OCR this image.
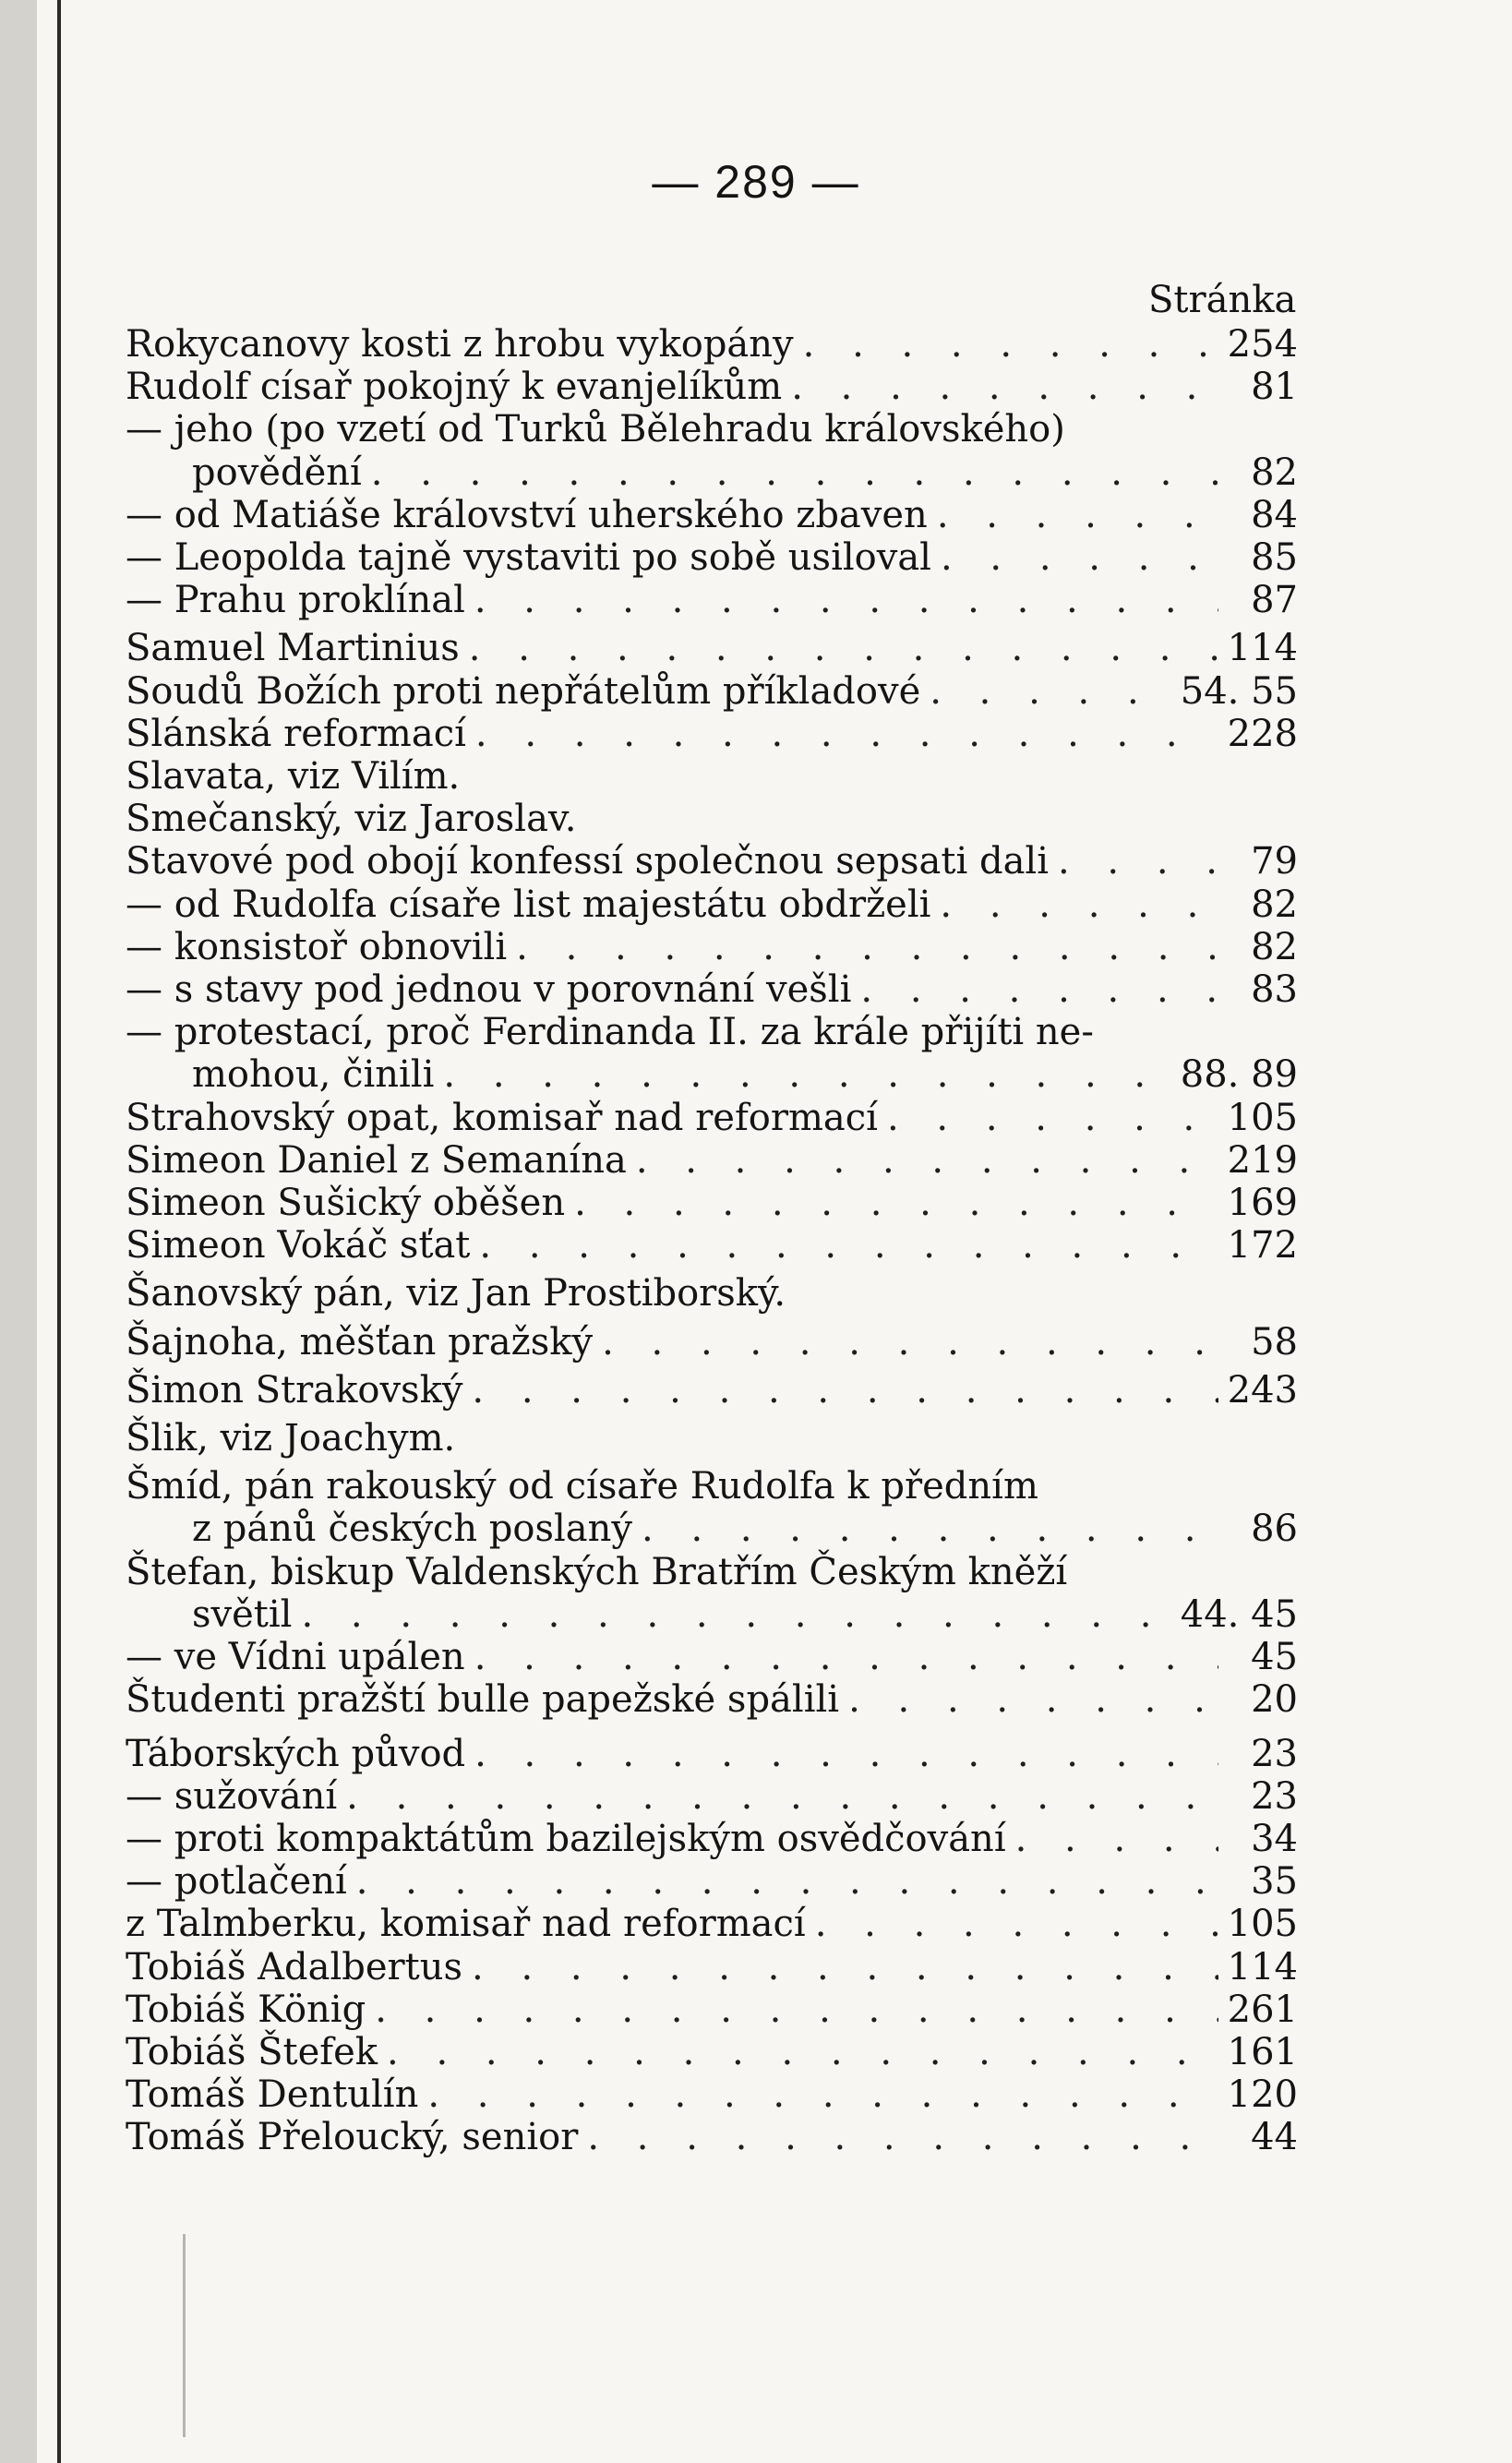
— 289 —
Stránka
Rokycanovy kosti z hrobu vykopány . . .	254
Rudolf císař pokojný k evanjelíkům . . .	81
— jeho (po vzetí od Turků Bělehradu královského)
povědění . . .	82
— od Matiáše království uherského zbaven . . .	84
— Leopolda tajně vystaviti po sobě usiloval . . .	85
— Prahu proklínal . . .	87
Samuel Martinius . . .	114
Soudů Božích proti nepřátelům příkladové . . .	54. 55
Slánská reformací . . .	228
Slavata, viz Vilím.
Smečanský, viz Jaroslav.
Stavové pod obojí konfessí společnou sepsati dali . . .	79
— od Rudolfa císaře list majestátu obdrželi . . .	82
— konsistoř obnovili . . .	82
— s stavy pod jednou v porovnání vešli . . .	83
— protestací, proč Ferdinanda II. za krále přijíti ne-
mohou, činili . . .	88. 89
Strahovský opat, komisař nad reformací . . .	105
Simeon Daniel z Semanína . . .	219
Simeon Sušický oběšen . . .	169
Simeon Vokáč sťat . . .	172
Šanovský pán, viz Jan Prostiborský.
Šajnoha, měšťan pražský . . .	58
Šimon Strakovský . . .	243
Šlik, viz Joachym.
Šmíd, pán rakouský od císaře Rudolfa k předním
z pánů českých poslaný . . .	86
Štefan, biskup Valdenských Bratřím Českým kněží
světil . . .	44. 45
— ve Vídni upálen . . .	45
Študenti pražští bulle papežské spálili . . .	20
Táborských původ . . .	23
— sužování . . .	23
— proti kompaktátům bazilejským osvědčování . . .	34
— potlačení . . .	35
z Talmberku, komisař nad reformací . . .	105
Tobiáš Adalbertus . . .	114
Tobiáš König . . .	261
Tobiáš Štefek . . .	161
Tomáš Dentulín . . .	120
Tomáš Přeloucký, senior . . .	44
